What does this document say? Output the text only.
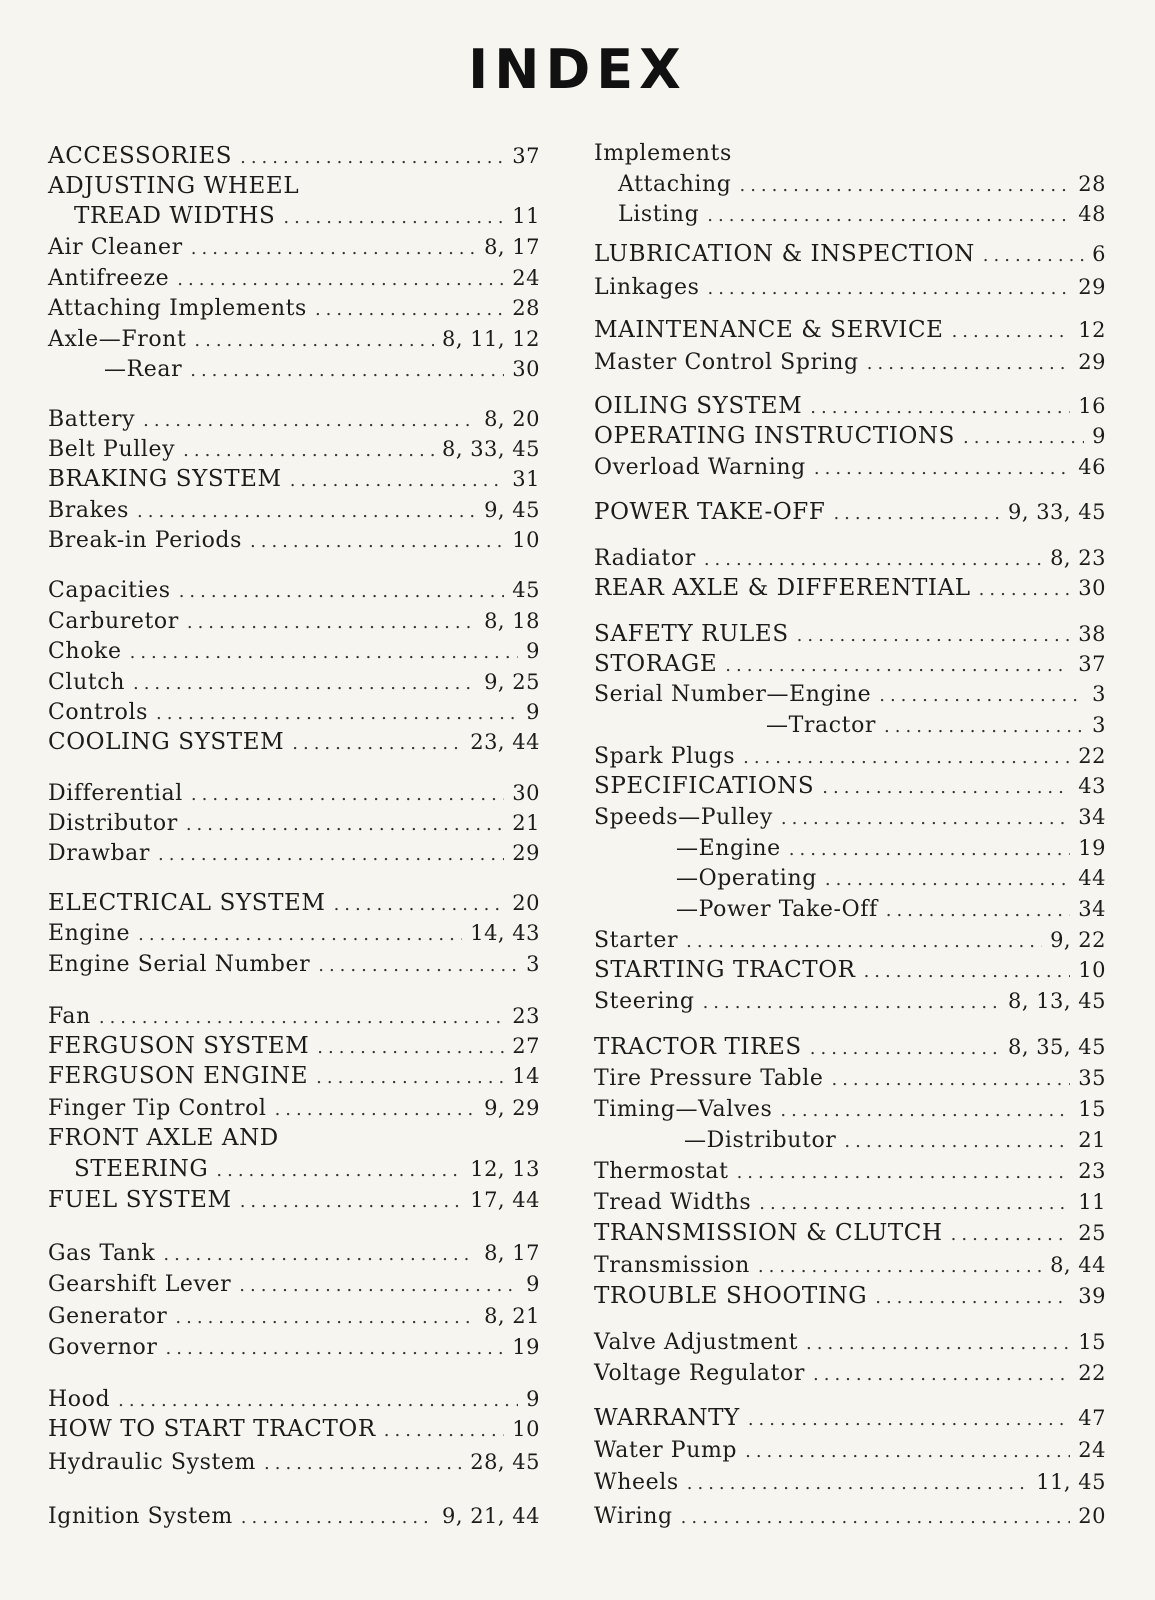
INDEX
ACCESSORIES .....	37
ADJUSTING WHEEL
TREAD WIDTHS .....	11
Air Cleaner .....	8, 17
Antifreeze .....	24
Attaching Implements .....	28
Axle—Front .....	8, 11, 12
—Rear .....	30
Battery .....	8, 20
Belt Pulley .....	8, 33, 45
BRAKING SYSTEM .....	31
Brakes .....	9, 45
Break-in Periods .....	10
Capacities .....	45
Carburetor .....	8, 18
Choke .....	9
Clutch .....	9, 25
Controls .....	9
COOLING SYSTEM .....	23, 44
Differential .....	30
Distributor .....	21
Drawbar .....	29
ELECTRICAL SYSTEM .....	20
Engine .....	14, 43
Engine Serial Number .....	3
Fan .....	23
FERGUSON SYSTEM .....	27
FERGUSON ENGINE .....	14
Finger Tip Control .....	9, 29
FRONT AXLE AND
STEERING .....	12, 13
FUEL SYSTEM .....	17, 44
Gas Tank .....	8, 17
Gearshift Lever .....	9
Generator .....	8, 21
Governor .....	19
Hood .....	9
HOW TO START TRACTOR .....	10
Hydraulic System .....	28, 45
Ignition System .....	9, 21, 44
Implements
Attaching .....	28
Listing .....	48
LUBRICATION & INSPECTION .....	6
Linkages .....	29
MAINTENANCE & SERVICE .....	12
Master Control Spring .....	29
OILING SYSTEM .....	16
OPERATING INSTRUCTIONS .....	9
Overload Warning .....	46
POWER TAKE-OFF .....	9, 33, 45
Radiator .....	8, 23
REAR AXLE & DIFFERENTIAL .....	30
SAFETY RULES .....	38
STORAGE .....	37
Serial Number—Engine .....	3
—Tractor .....	3
Spark Plugs .....	22
SPECIFICATIONS .....	43
Speeds—Pulley .....	34
—Engine .....	19
—Operating .....	44
—Power Take-Off .....	34
Starter .....	9, 22
STARTING TRACTOR .....	10
Steering .....	8, 13, 45
TRACTOR TIRES .....	8, 35, 45
Tire Pressure Table .....	35
Timing—Valves .....	15
—Distributor .....	21
Thermostat .....	23
Tread Widths .....	11
TRANSMISSION & CLUTCH .....	25
Transmission .....	8, 44
TROUBLE SHOOTING .....	39
Valve Adjustment .....	15
Voltage Regulator .....	22
WARRANTY .....	47
Water Pump .....	24
Wheels .....	11, 45
Wiring .....	20
